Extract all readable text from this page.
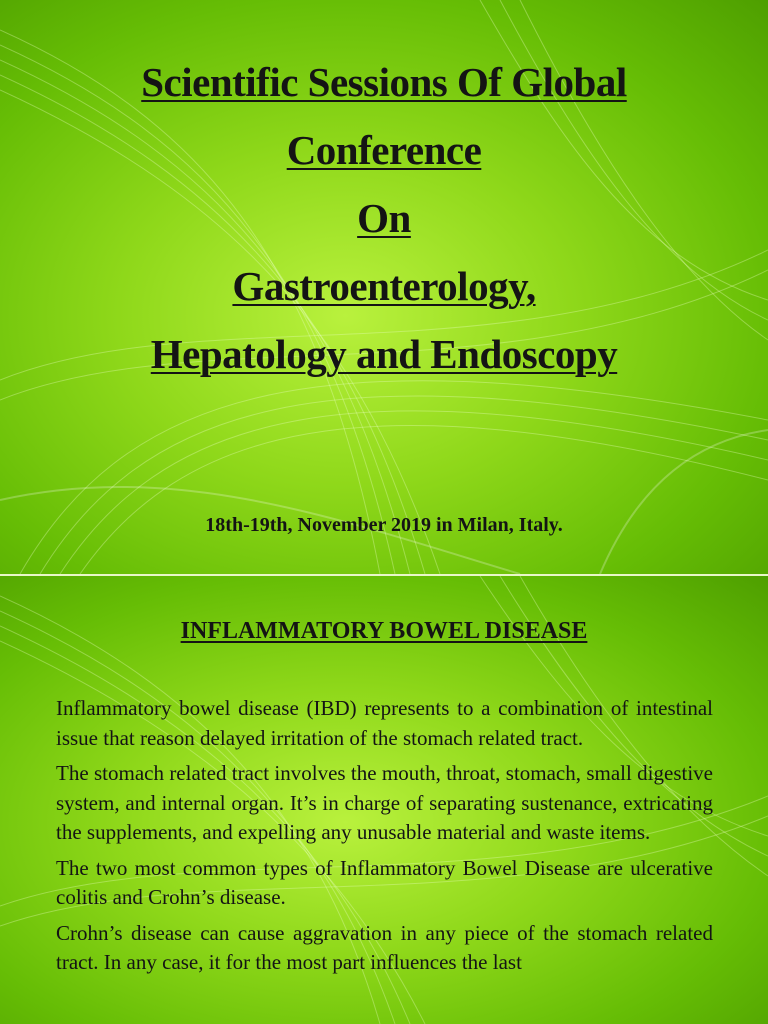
Scientific Sessions Of Global
Conference
On
Gastroenterology,
Hepatology and Endoscopy
18th-19th, November 2019 in Milan, Italy.
INFLAMMATORY BOWEL DISEASE

Inflammatory bowel disease (IBD) represents to a combination of intestinal issue that reason delayed irritation of the stomach related tract.

The stomach related tract involves the mouth, throat, stomach, small digestive system, and internal organ. It’s in charge of separating sustenance, extricating the supplements, and expelling any unusable material and waste items.

The two most common types of Inflammatory Bowel Disease are ulcerative colitis and Crohn’s disease.

Crohn’s disease can cause aggravation in any piece of the stomach related tract. In any case, it for the most part influences the last
